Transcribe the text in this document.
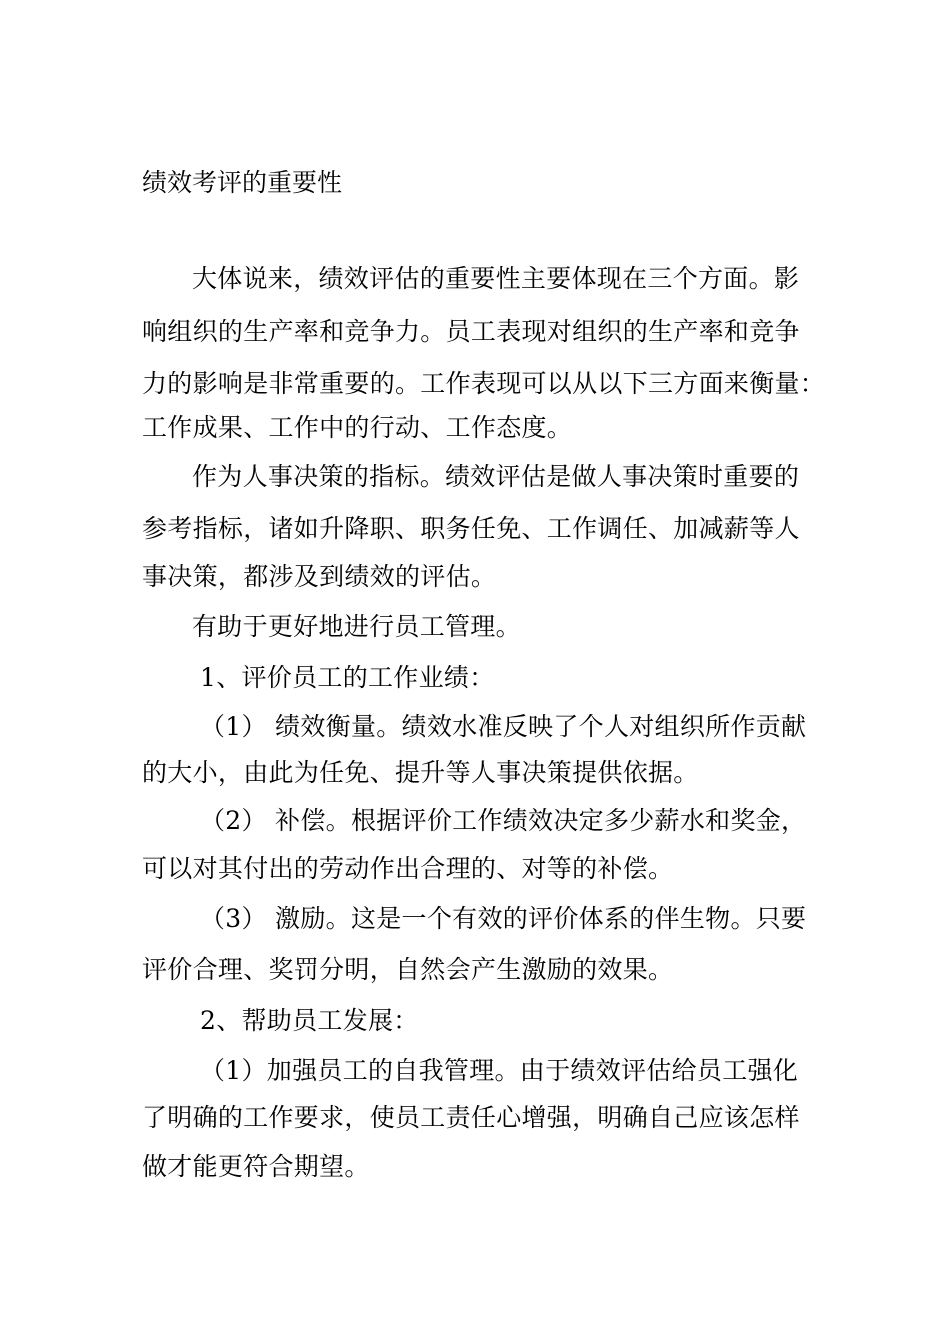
绩效考评的重要性
大体说来，绩效评估的重要性主要体现在三个方面。影
响组织的生产率和竞争力。员工表现对组织的生产率和竞争
力的影响是非常重要的。工作表现可以从以下三方面来衡量：
工作成果、工作中的行动、工作态度。
作为人事决策的指标。绩效评估是做人事决策时重要的
参考指标，诸如升降职、职务任免、工作调任、加减薪等人
事决策，都涉及到绩效的评估。
有助于更好地进行员工管理。
1、评价员工的工作业绩：
（1） 绩效衡量。绩效水准反映了个人对组织所作贡献
的大小，由此为任免、提升等人事决策提供依据。
（2） 补偿。根据评价工作绩效决定多少薪水和奖金，
可以对其付出的劳动作出合理的、对等的补偿。
（3） 激励。这是一个有效的评价体系的伴生物。只要
评价合理、奖罚分明，自然会产生激励的效果。
2、帮助员工发展：
（1）加强员工的自我管理。由于绩效评估给员工强化
了明确的工作要求，使员工责任心增强，明确自己应该怎样
做才能更符合期望。
